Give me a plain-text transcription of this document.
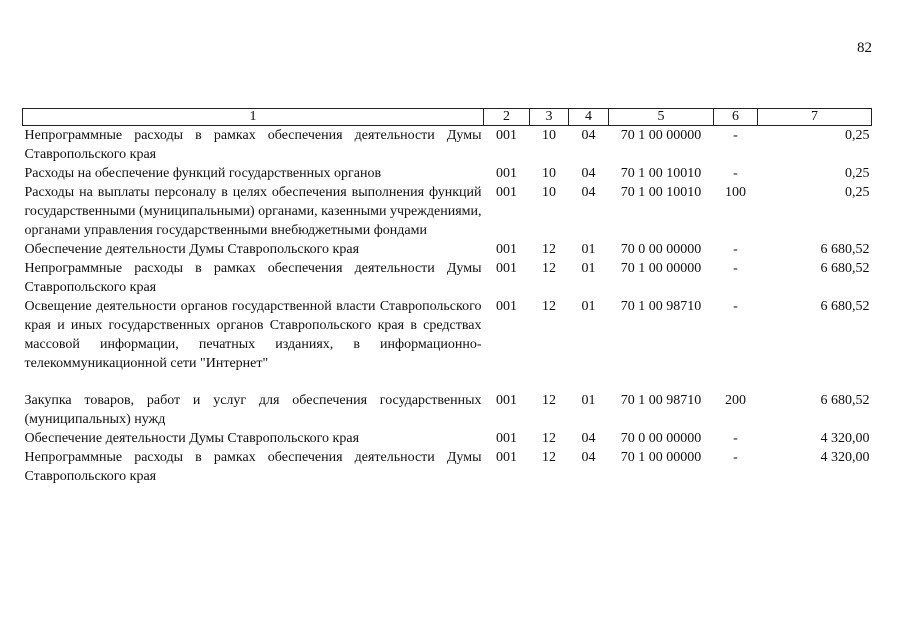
82
1	2	3	4	5	6	7
Непрограммные расходы в рамках обеспечения деятельности Думы Ставропольского края	001	10	04	70 1 00 00000	-	0,25
Расходы на обеспечение функций государственных органов	001	10	04	70 1 00 10010	-	0,25
Расходы на выплаты персоналу в целях обеспечения выполнения функций государственными (муниципальными) органами, казенными учреждениями, органами управления государственными внебюджетными фондами	001	10	04	70 1 00 10010	100	0,25
Обеспечение деятельности Думы Ставропольского края	001	12	01	70 0 00 00000	-	6 680,52
Непрограммные расходы в рамках обеспечения деятельности Думы Ставропольского края	001	12	01	70 1 00 00000	-	6 680,52
Освещение деятельности органов государственной власти Ставропольского края и иных государственных органов Ставропольского края в средствах массовой информации, печатных изданиях, в информационно-телекоммуникационной сети "Интернет"	001	12	01	70 1 00 98710	-	6 680,52
Закупка товаров, работ и услуг для обеспечения государственных (муниципальных) нужд	001	12	01	70 1 00 98710	200	6 680,52
Обеспечение деятельности Думы Ставропольского края	001	12	04	70 0 00 00000	-	4 320,00
Непрограммные расходы в рамках обеспечения деятельности Думы Ставропольского края	001	12	04	70 1 00 00000	-	4 320,00
